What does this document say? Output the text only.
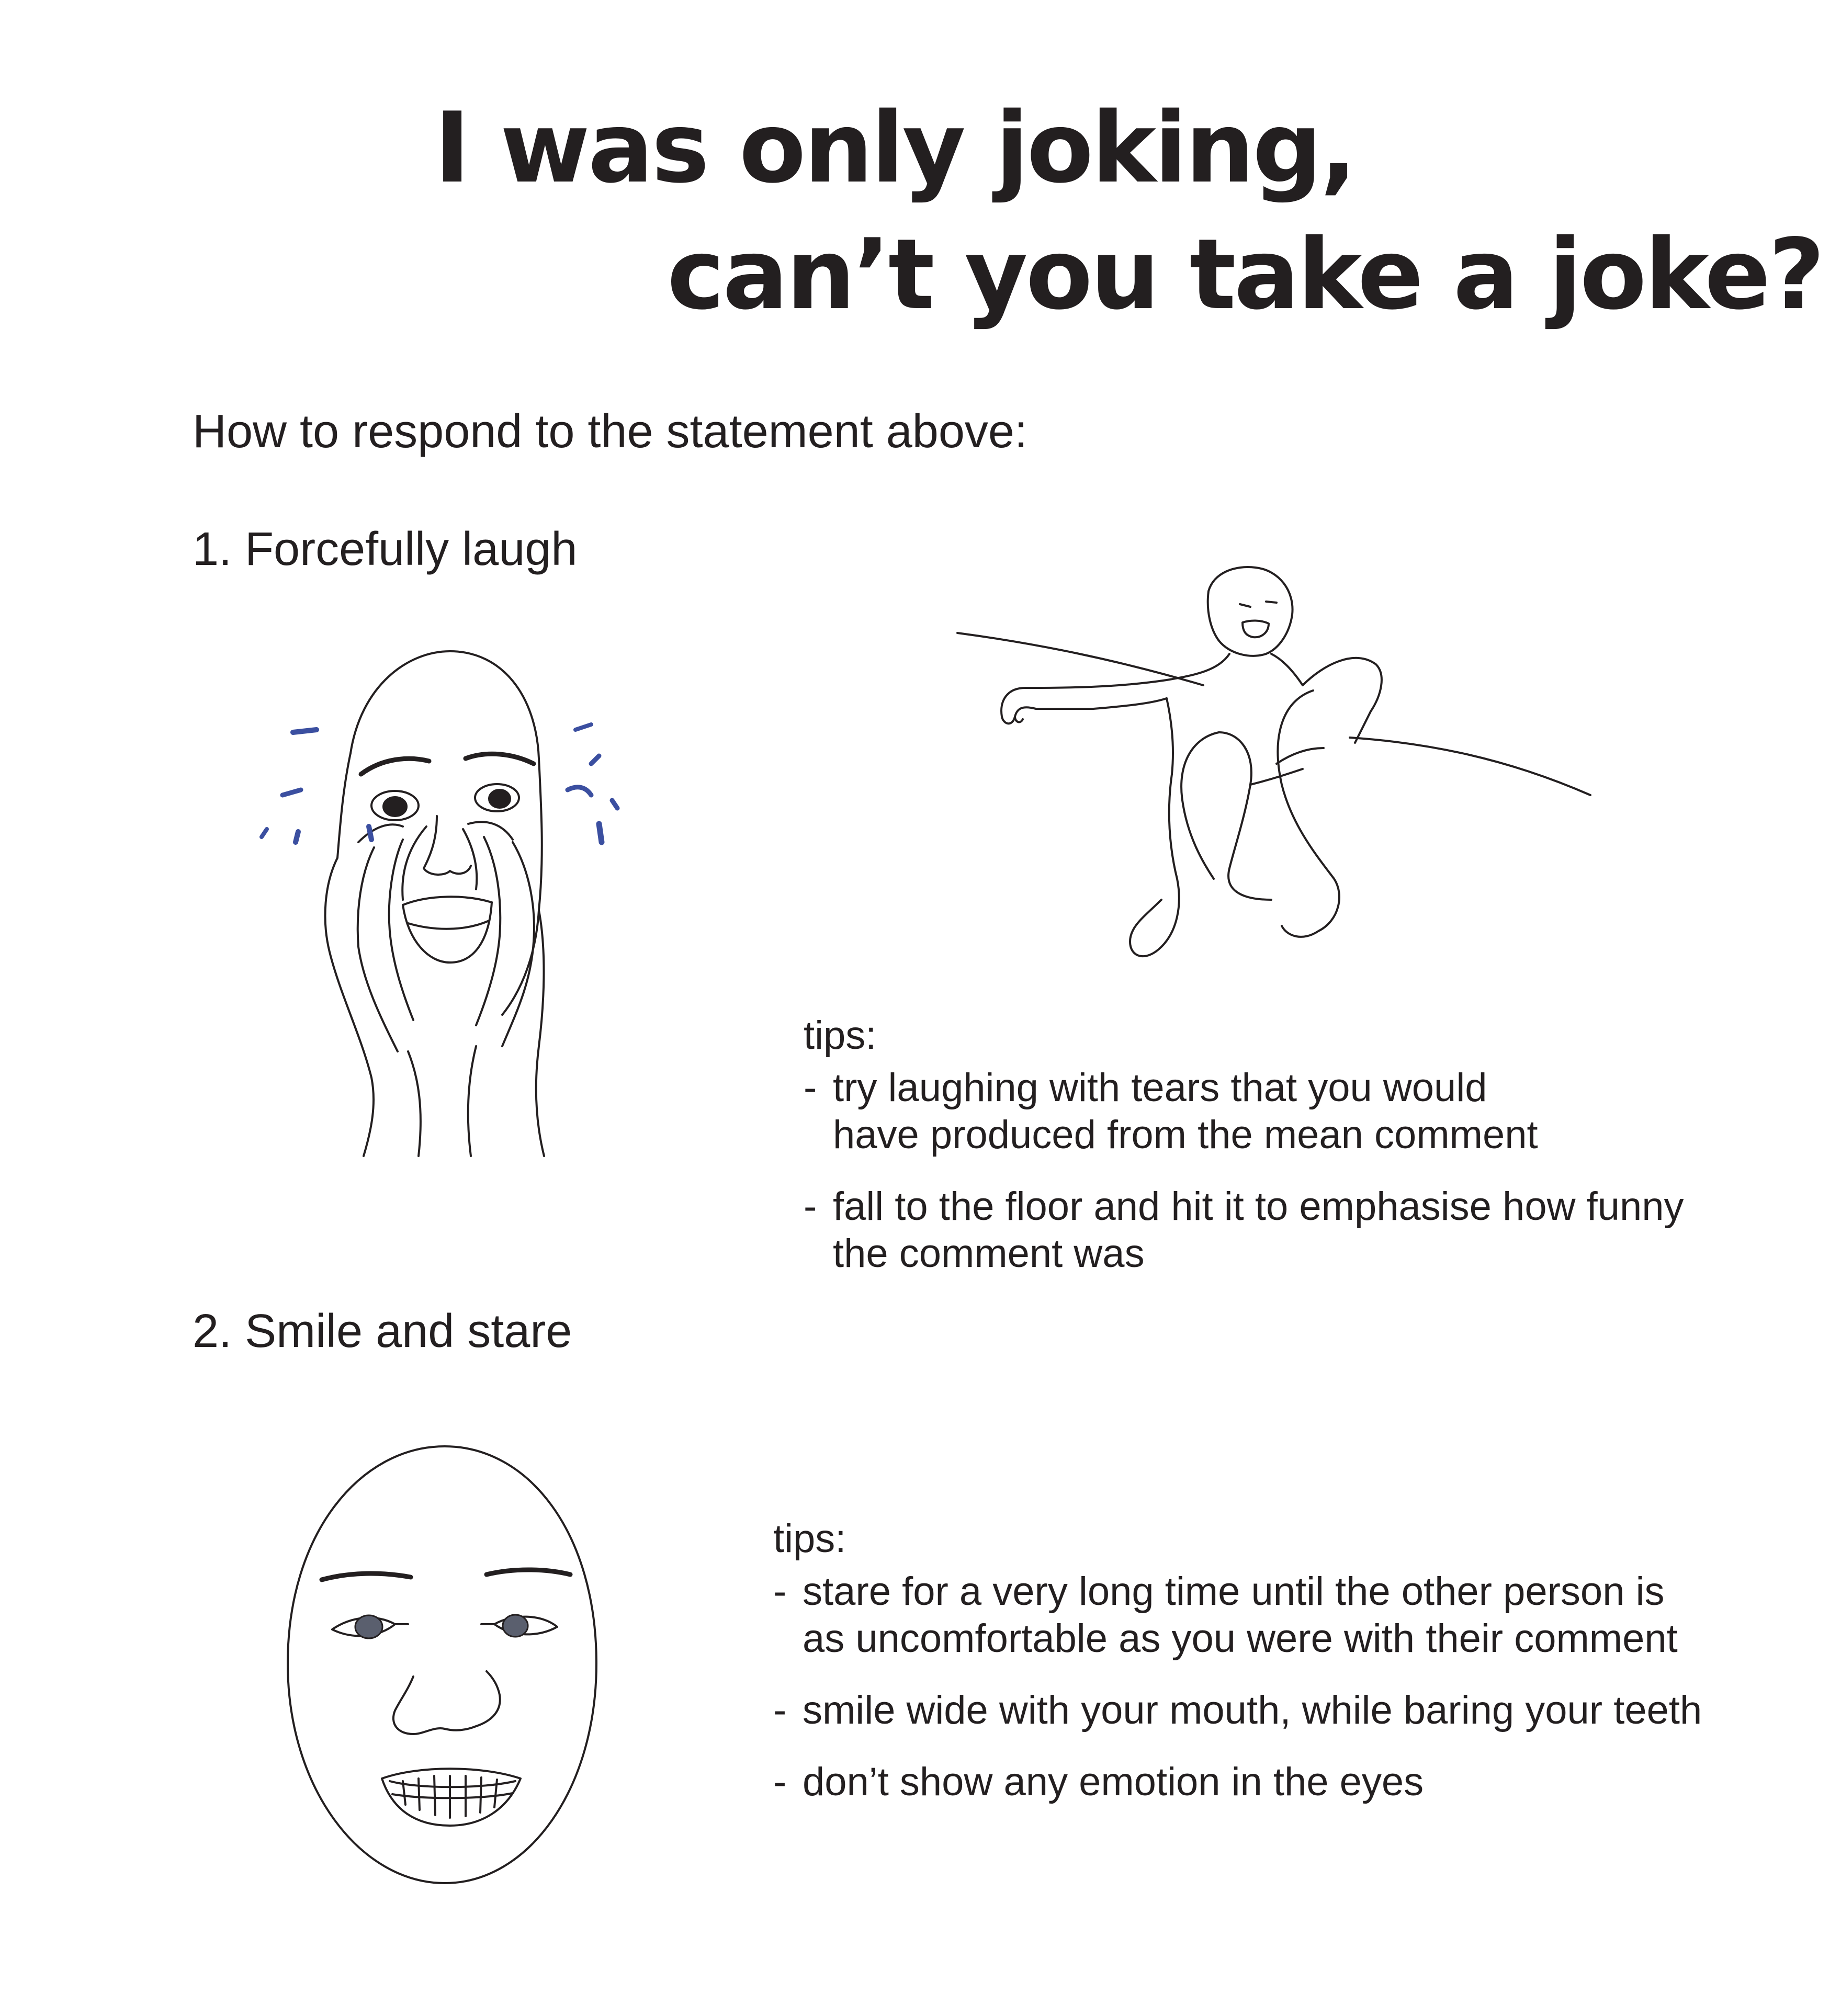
I was only joking,
can’t you take a joke?
How to respond to the statement above:
1. Forcefully laugh
tips:
- try laughing with tears that you would
have produced from the mean comment
- fall to the floor and hit it to emphasise how funny
the comment was
2. Smile and stare
tips:
- stare for a very long time until the other person is
as uncomfortable as you were with their comment
- smile wide with your mouth, while baring your teeth
- don’t show any emotion in the eyes
